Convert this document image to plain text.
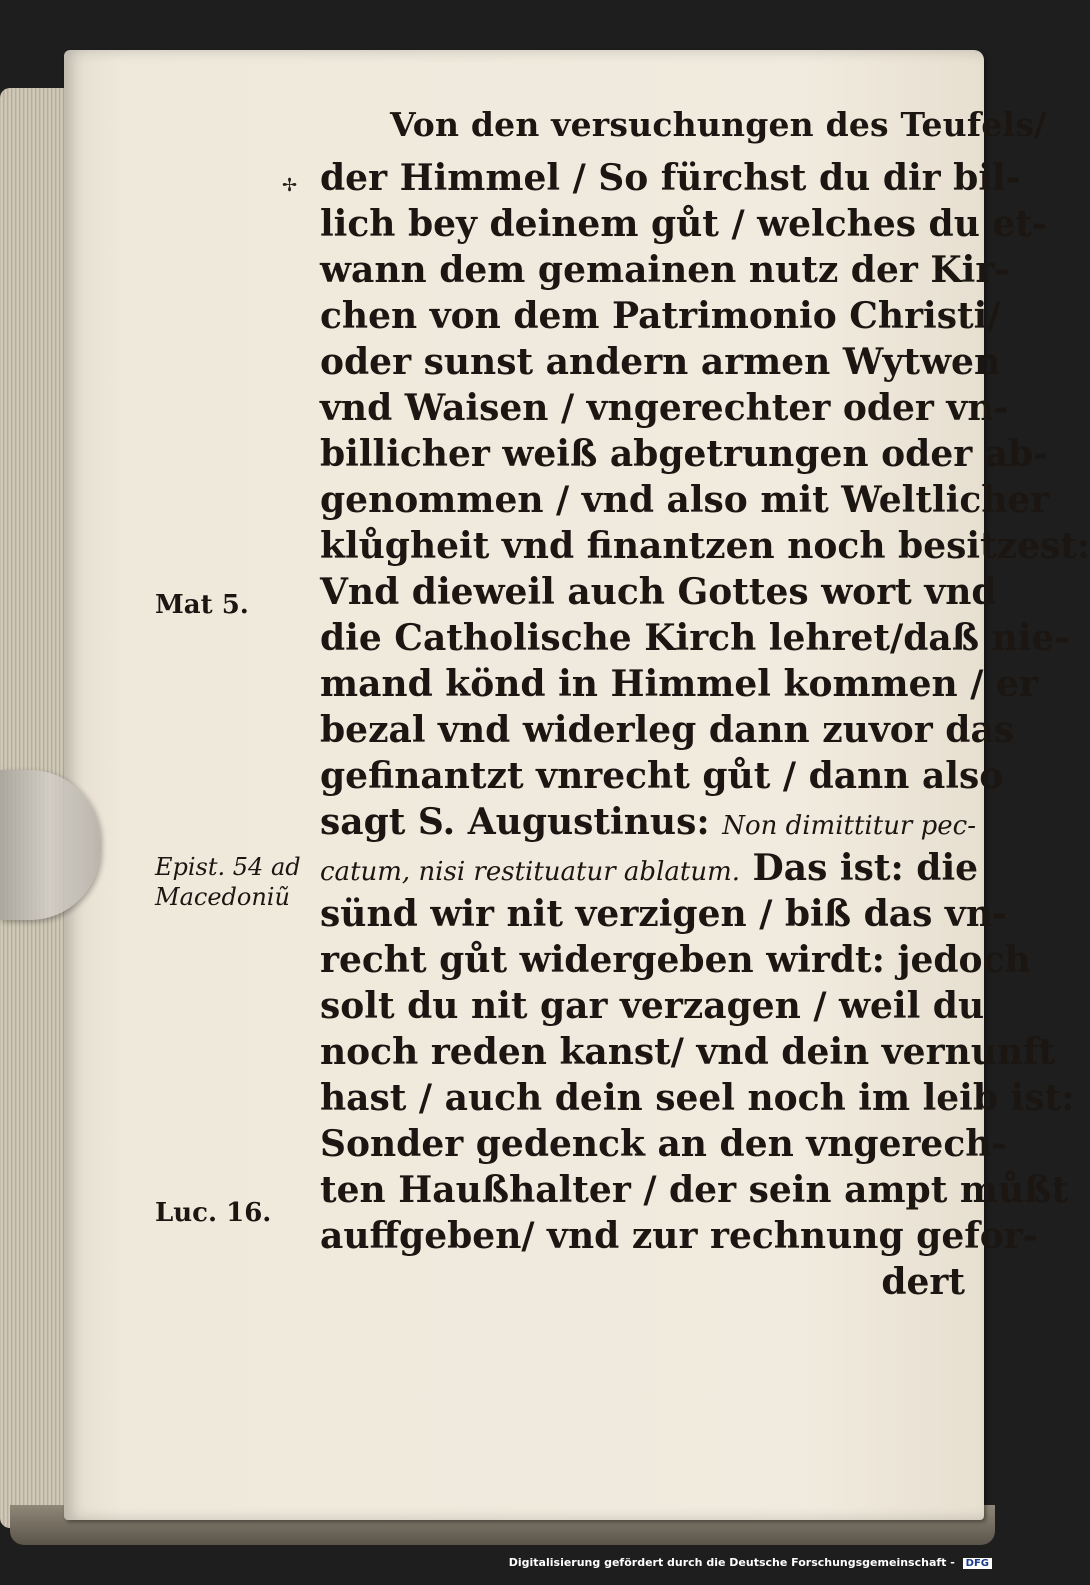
Von den versuchungen des Teufels/
✢ der Himmel / So fürchst du dir bil-
lich bey deinem gůt / welches du et-
wann dem gemainen nutz der Kir-
chen von dem Patrimonio Christi/
oder sunst andern armen Wytwen
vnd Waisen / vngerechter oder vn-
billicher weiß abgetrungen oder ab-
genommen / vnd also mit Weltlicher
klůgheit vnd finantzen noch besitzest:
Vnd dieweil auch Gottes wort vnd
die Catholische Kirch lehret/daß nie-
mand könd in Himmel kommen / er
bezal vnd widerleg dann zuvor das
gefinantzt vnrecht gůt / dann also
sagt S. Augustinus: Non dimittitur pec-
catum, nisi restituatur ablatum. Das ist: die
sünd wir nit verzigen / biß das vn-
recht gůt widergeben wirdt: jedoch
solt du nit gar verzagen / weil du
noch reden kanst/ vnd dein vernunft
hast / auch dein seel noch im leib ist:
Sonder gedenck an den vngerech-
ten Haußhalter / der sein ampt můßt
auffgeben/ vnd zur rechnung gefor-
dert
Mat 5.
Epist. 54 ad
Macedoniũ
Luc. 16.
Digitalisierung gefördert durch die Deutsche Forschungsgemeinschaft - DFG
